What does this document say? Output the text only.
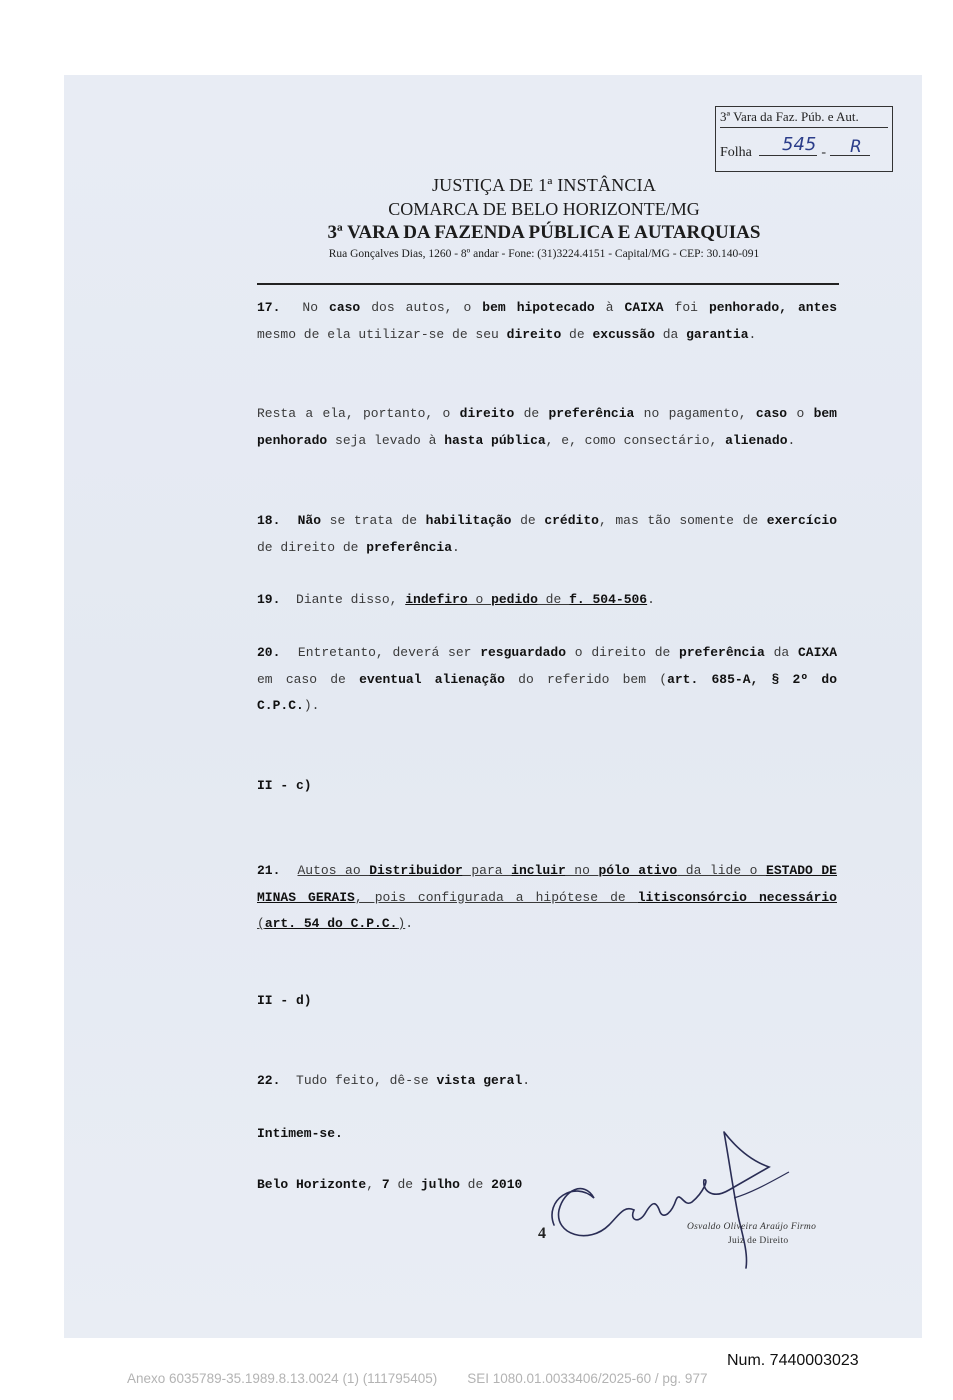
3ª Vara da Faz. Púb. e Aut.
Folha	-
545 R
JUSTIÇA DE 1ª INSTÂNCIA
COMARCA DE BELO HORIZONTE/MG
3ª VARA DA FAZENDA PÚBLICA E AUTARQUIAS
Rua Gonçalves Dias, 1260 - 8º andar - Fone: (31)3224.4151 - Capital/MG - CEP: 30.140-091
17. No caso dos autos, o bem hipotecado à CAIXA foi penhorado, antes mesmo de ela utilizar-se de seu direito de excussão da garantia.
Resta a ela, portanto, o direito de preferência no pagamento, caso o bem penhorado seja levado à hasta pública, e, como consectário, alienado.
18. Não se trata de habilitação de crédito, mas tão somente de exercício de direito de preferência.
19. Diante disso, indefiro o pedido de f. 504-506.
20. Entretanto, deverá ser resguardado o direito de preferência da CAIXA em caso de eventual alienação do referido bem (art. 685-A, § 2º do C.P.C.).
II - c)
21. Autos ao Distribuidor para incluir no pólo ativo da lide o ESTADO DE MINAS GERAIS, pois configurada a hipótese de litisconsórcio necessário (art. 54 do C.P.C.).
II - d)
22. Tudo feito, dê-se vista geral.
Intimem-se.
Belo Horizonte, 7 de julho de 2010
4	Osvaldo Oliveira Araújo Firmo
Juiz de Direito
Num. 7440003023
Anexo 6035789-35.1989.8.13.0024 (1) (111795405)        SEI 1080.01.0033406/2025-60 / pg. 977
